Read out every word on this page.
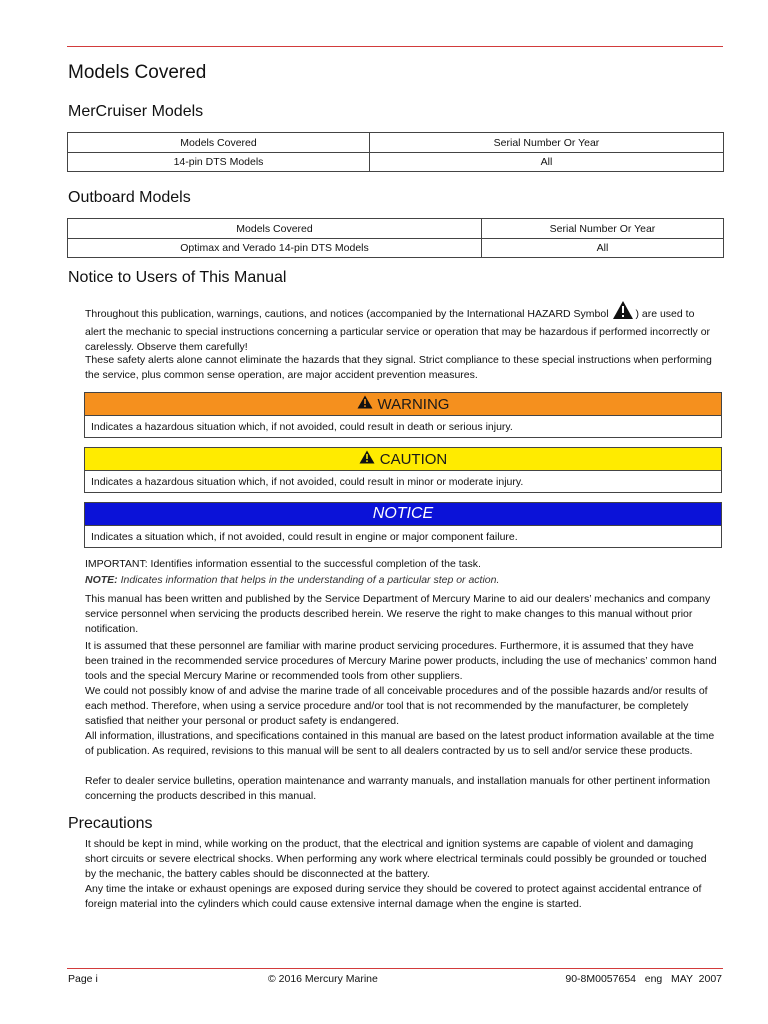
Models Covered
MerCruiser Models
Models Covered	Serial Number Or Year
14-pin DTS Models	All
Outboard Models
Models Covered	Serial Number Or Year
Optimax and Verado 14-pin DTS Models	All
Notice to Users of This Manual

Throughout this publication, warnings, cautions, and notices (accompanied by the International HAZARD Symbol ) are used to alert the mechanic to special instructions concerning a particular service or operation that may be hazardous if performed incorrectly or carelessly. Observe them carefully!

These safety alerts alone cannot eliminate the hazards that they signal. Strict compliance to these special instructions when performing the service, plus common sense operation, are major accident prevention measures.

WARNING
Indicates a hazardous situation which, if not avoided, could result in death or serious injury.
CAUTION
Indicates a hazardous situation which, if not avoided, could result in minor or moderate injury.
NOTICE
Indicates a situation which, if not avoided, could result in engine or major component failure.
IMPORTANT: Identifies information essential to the successful completion of the task.
NOTE: Indicates information that helps in the understanding of a particular step or action.

This manual has been written and published by the Service Department of Mercury Marine to aid our dealers’ mechanics and company service personnel when servicing the products described herein. We reserve the right to make changes to this manual without prior notification.

It is assumed that these personnel are familiar with marine product servicing procedures. Furthermore, it is assumed that they have been trained in the recommended service procedures of Mercury Marine power products, including the use of mechanics’ common hand tools and the special Mercury Marine or recommended tools from other suppliers.

We could not possibly know of and advise the marine trade of all conceivable procedures and of the possible hazards and/or results of each method. Therefore, when using a service procedure and/or tool that is not recommended by the manufacturer, be completely satisfied that neither your personal or product safety is endangered.

All information, illustrations, and specifications contained in this manual are based on the latest product information available at the time of publication. As required, revisions to this manual will be sent to all dealers contracted by us to sell and/or service these products.

Refer to dealer service bulletins, operation maintenance and warranty manuals, and installation manuals for other pertinent information concerning the products described in this manual.

Precautions

It should be kept in mind, while working on the product, that the electrical and ignition systems are capable of violent and damaging short circuits or severe electrical shocks. When performing any work where electrical terminals could possibly be grounded or touched by the mechanic, the battery cables should be disconnected at the battery.

Any time the intake or exhaust openings are exposed during service they should be covered to protect against accidental entrance of foreign material into the cylinders which could cause extensive internal damage when the engine is started.

Page i	© 2016 Mercury Marine	90-8M0057654   eng   MAY  2007
